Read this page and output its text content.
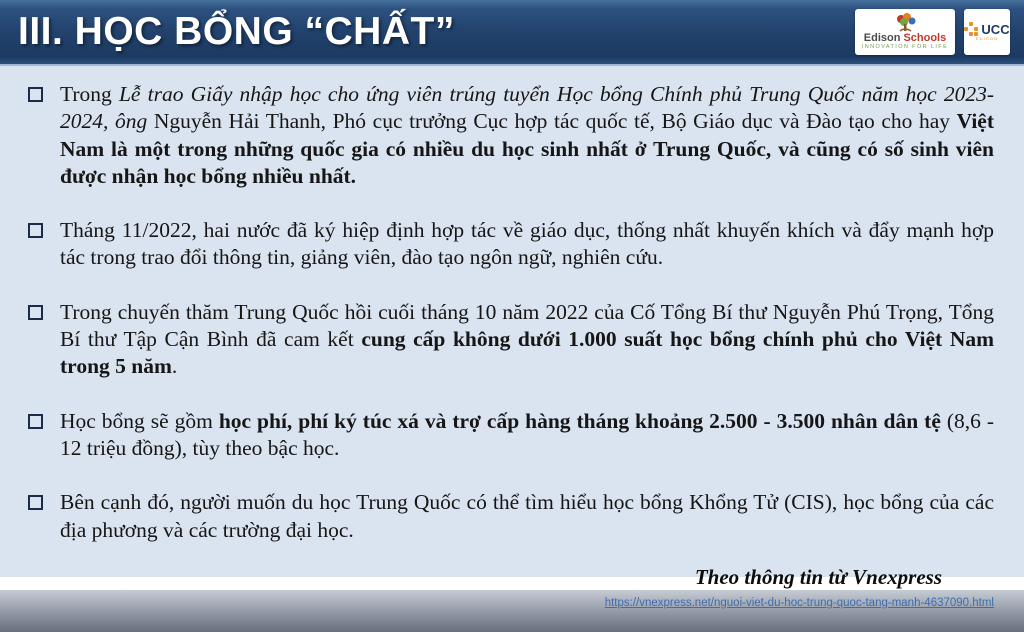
III. HỌC BỔNG “CHẤT”	Edison Schools
INNOVATION FOR LIFE
UCC
EDISON
Trong Lễ trao Giấy nhập học cho ứng viên trúng tuyển Học bổng Chính phủ Trung Quốc năm học 2023-2024, ông Nguyễn Hải Thanh, Phó cục trưởng Cục hợp tác quốc tế, Bộ Giáo dục và Đào tạo cho hay Việt Nam là một trong những quốc gia có nhiều du học sinh nhất ở Trung Quốc, và cũng có số sinh viên được nhận học bổng nhiều nhất.
Tháng 11/2022, hai nước đã ký hiệp định hợp tác về giáo dục, thống nhất khuyến khích và đẩy mạnh hợp tác trong trao đổi thông tin, giảng viên, đào tạo ngôn ngữ, nghiên cứu.
Trong chuyến thăm Trung Quốc hồi cuối tháng 10 năm 2022 của Cố Tổng Bí thư Nguyễn Phú Trọng, Tổng Bí thư Tập Cận Bình đã cam kết cung cấp không dưới 1.000 suất học bổng chính phủ cho Việt Nam trong 5 năm.
Học bổng sẽ gồm học phí, phí ký túc xá và trợ cấp hàng tháng khoảng 2.500 - 3.500 nhân dân tệ (8,6 - 12 triệu đồng), tùy theo bậc học.
Bên cạnh đó, người muốn du học Trung Quốc có thể tìm hiểu học bổng Khổng Tử (CIS), học bổng của các địa phương và các trường đại học.
Theo thông tin từ Vnexpress
https://vnexpress.net/nguoi-viet-du-hoc-trung-quoc-tang-manh-4637090.html
